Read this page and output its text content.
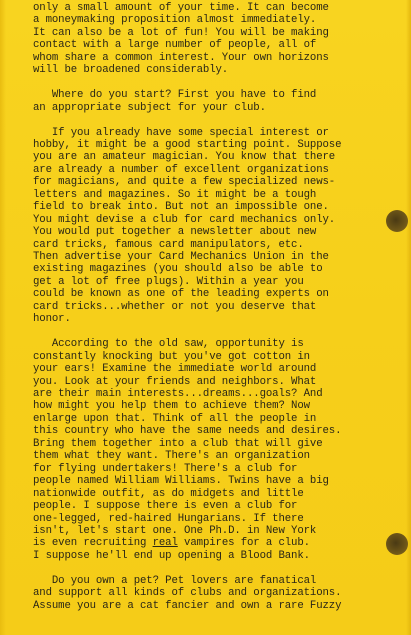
only a small amount of your time. It can become
a moneymaking proposition almost immediately.
It can also be a lot of fun! You will be making
contact with a large number of people, all of
whom share a common interest. Your own horizons
will be broadened considerably.
Where do you start? First you have to find
an appropriate subject for your club.
If you already have some special interest or
hobby, it might be a good starting point. Suppose
you are an amateur magician. You know that there
are already a number of excellent organizations
for magicians, and quite a few specialized news-
letters and magazines. So it might be a tough
field to break into. But not an impossible one.
You might devise a club for card mechanics only.
You would put together a newsletter about new
card tricks, famous card manipulators, etc.
Then advertise your Card Mechanics Union in the
existing magazines (you should also be able to
get a lot of free plugs). Within a year you
could be known as one of the leading experts on
card tricks...whether or not you deserve that
honor.
According to the old saw, opportunity is
constantly knocking but you've got cotton in
your ears! Examine the immediate world around
you. Look at your friends and neighbors. What
are their main interests...dreams...goals? And
how might you help them to achieve them? Now
enlarge upon that. Think of all the people in
this country who have the same needs and desires.
Bring them together into a club that will give
them what they want. There's an organization
for flying undertakers! There's a club for
people named William Williams. Twins have a big
nationwide outfit, as do midgets and little
people. I suppose there is even a club for
one-legged, red-haired Hungarians. If there
isn't, let's start one. One Ph.D. in New York
is even recruiting real vampires for a club.
I suppose he'll end up opening a Blood Bank.
Do you own a pet? Pet lovers are fanatical
and support all kinds of clubs and organizations.
Assume you are a cat fancier and own a rare Fuzzy
